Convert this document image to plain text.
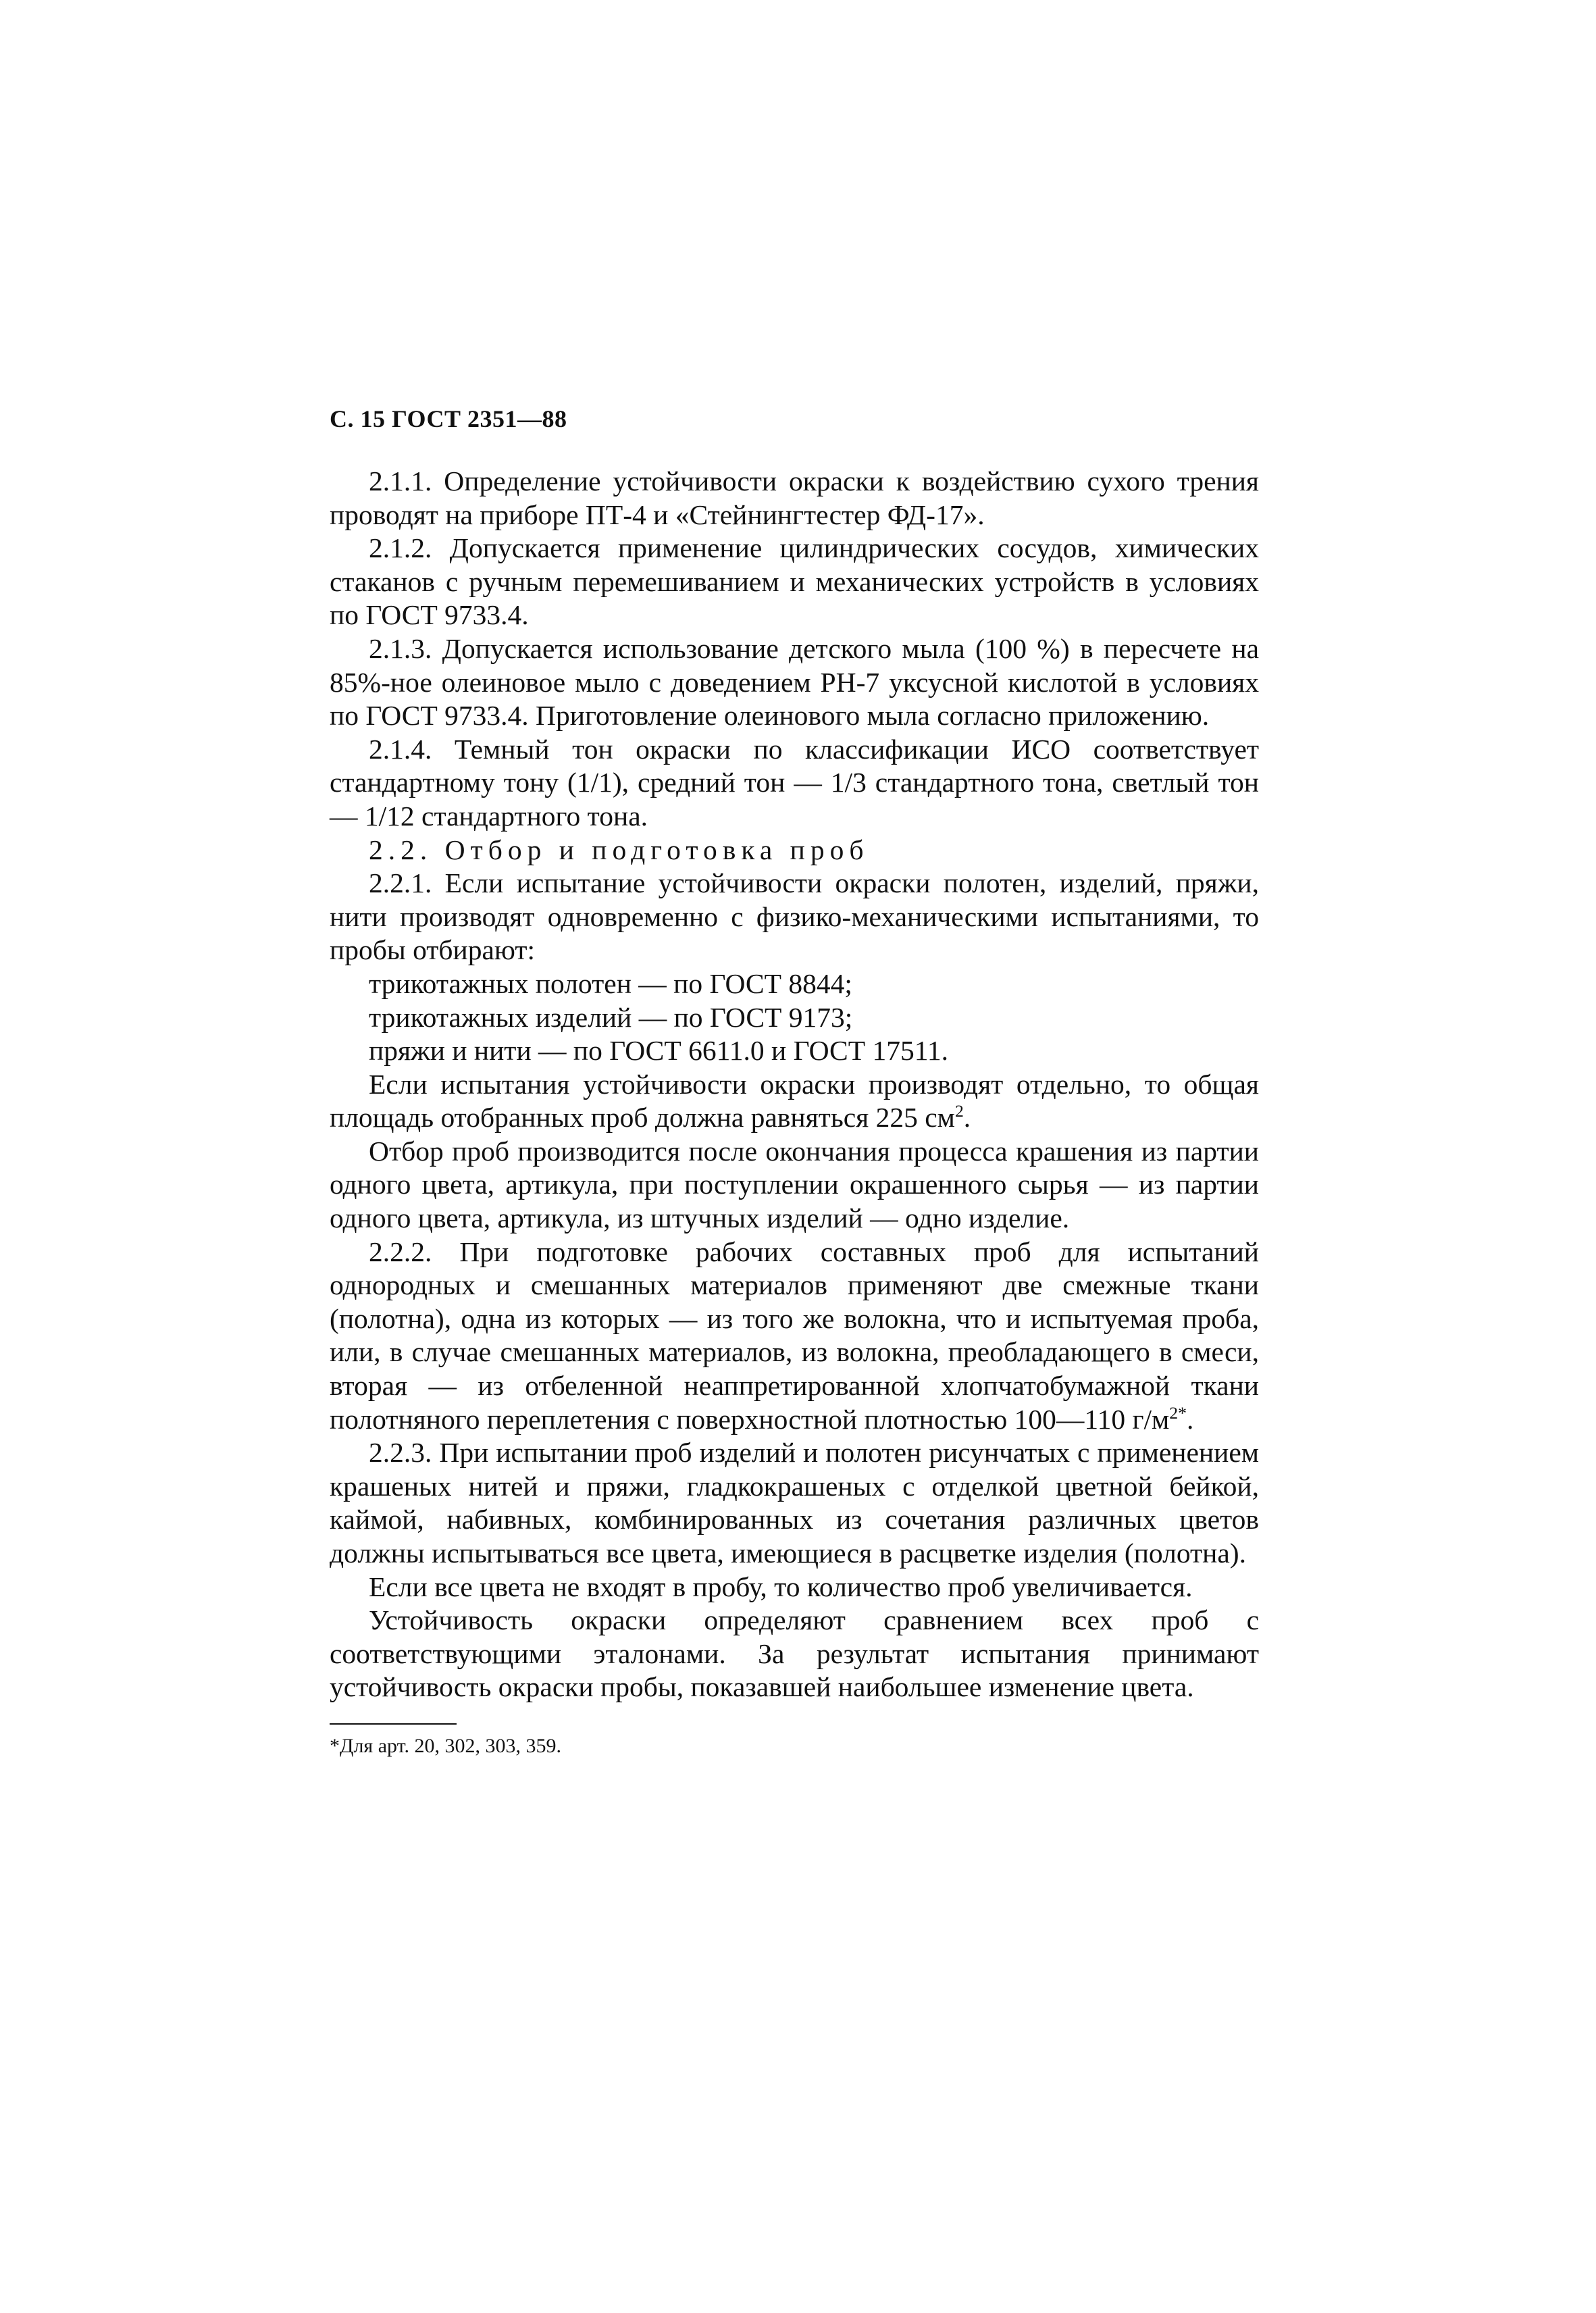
С. 15 ГОСТ 2351—88

2.1.1. Определение устойчивости окраски к воздействию сухого трения проводят на приборе ПТ-4 и «Стейнингтестер ФД-17».

2.1.2. Допускается применение цилиндрических сосудов, химических стаканов с ручным перемешиванием и механических устройств в условиях по ГОСТ 9733.4.

2.1.3. Допускается использование детского мыла (100 %) в пересчете на 85%-ное олеиновое мыло с доведением РН-7 уксусной кислотой в условиях по ГОСТ 9733.4. Приготовление олеинового мыла согласно приложению.

2.1.4. Темный тон окраски по классификации ИСО соответствует стандартному тону (1/1), средний тон — 1/3 стандартного тона, светлый тон — 1/12 стандартного тона.

2.2. Отбор и подготовка проб

2.2.1. Если испытание устойчивости окраски полотен, изделий, пряжи, нити производят одновременно с физико-механическими испытаниями, то пробы отбирают:

трикотажных полотен — по ГОСТ 8844;

трикотажных изделий — по ГОСТ 9173;

пряжи и нити — по ГОСТ 6611.0 и ГОСТ 17511.

Если испытания устойчивости окраски производят отдельно, то общая площадь отобранных проб должна равняться 225 $см^2$.

Отбор проб производится после окончания процесса крашения из партии одного цвета, артикула, при поступлении окрашенного сырья — из партии одного цвета, артикула, из штучных изделий — одно изделие.

2.2.2. При подготовке рабочих составных проб для испытаний однородных и смешанных материалов применяют две смежные ткани (полотна), одна из которых — из того же волокна, что и испытуемая проба, или, в случае смешанных материалов, из волокна, преобладающего в смеси, вторая — из отбеленной неаппретированной хлопчатобумажной ткани полотняного переплетения с поверхностной плотностью 100—110 $г/м^{2*}$.

2.2.3. При испытании проб изделий и полотен рисунчатых с применением крашеных нитей и пряжи, гладкокрашеных с отделкой цветной бейкой, каймой, набивных, комбинированных из сочетания различных цветов должны испытываться все цвета, имеющиеся в расцветке изделия (полотна).

Если все цвета не входят в пробу, то количество проб увеличивается.

Устойчивость окраски определяют сравнением всех проб с соответствующими эталонами. За результат испытания принимают устойчивость окраски пробы, показавшей наибольшее изменение цвета.

*Для арт. 20, 302, 303, 359.
